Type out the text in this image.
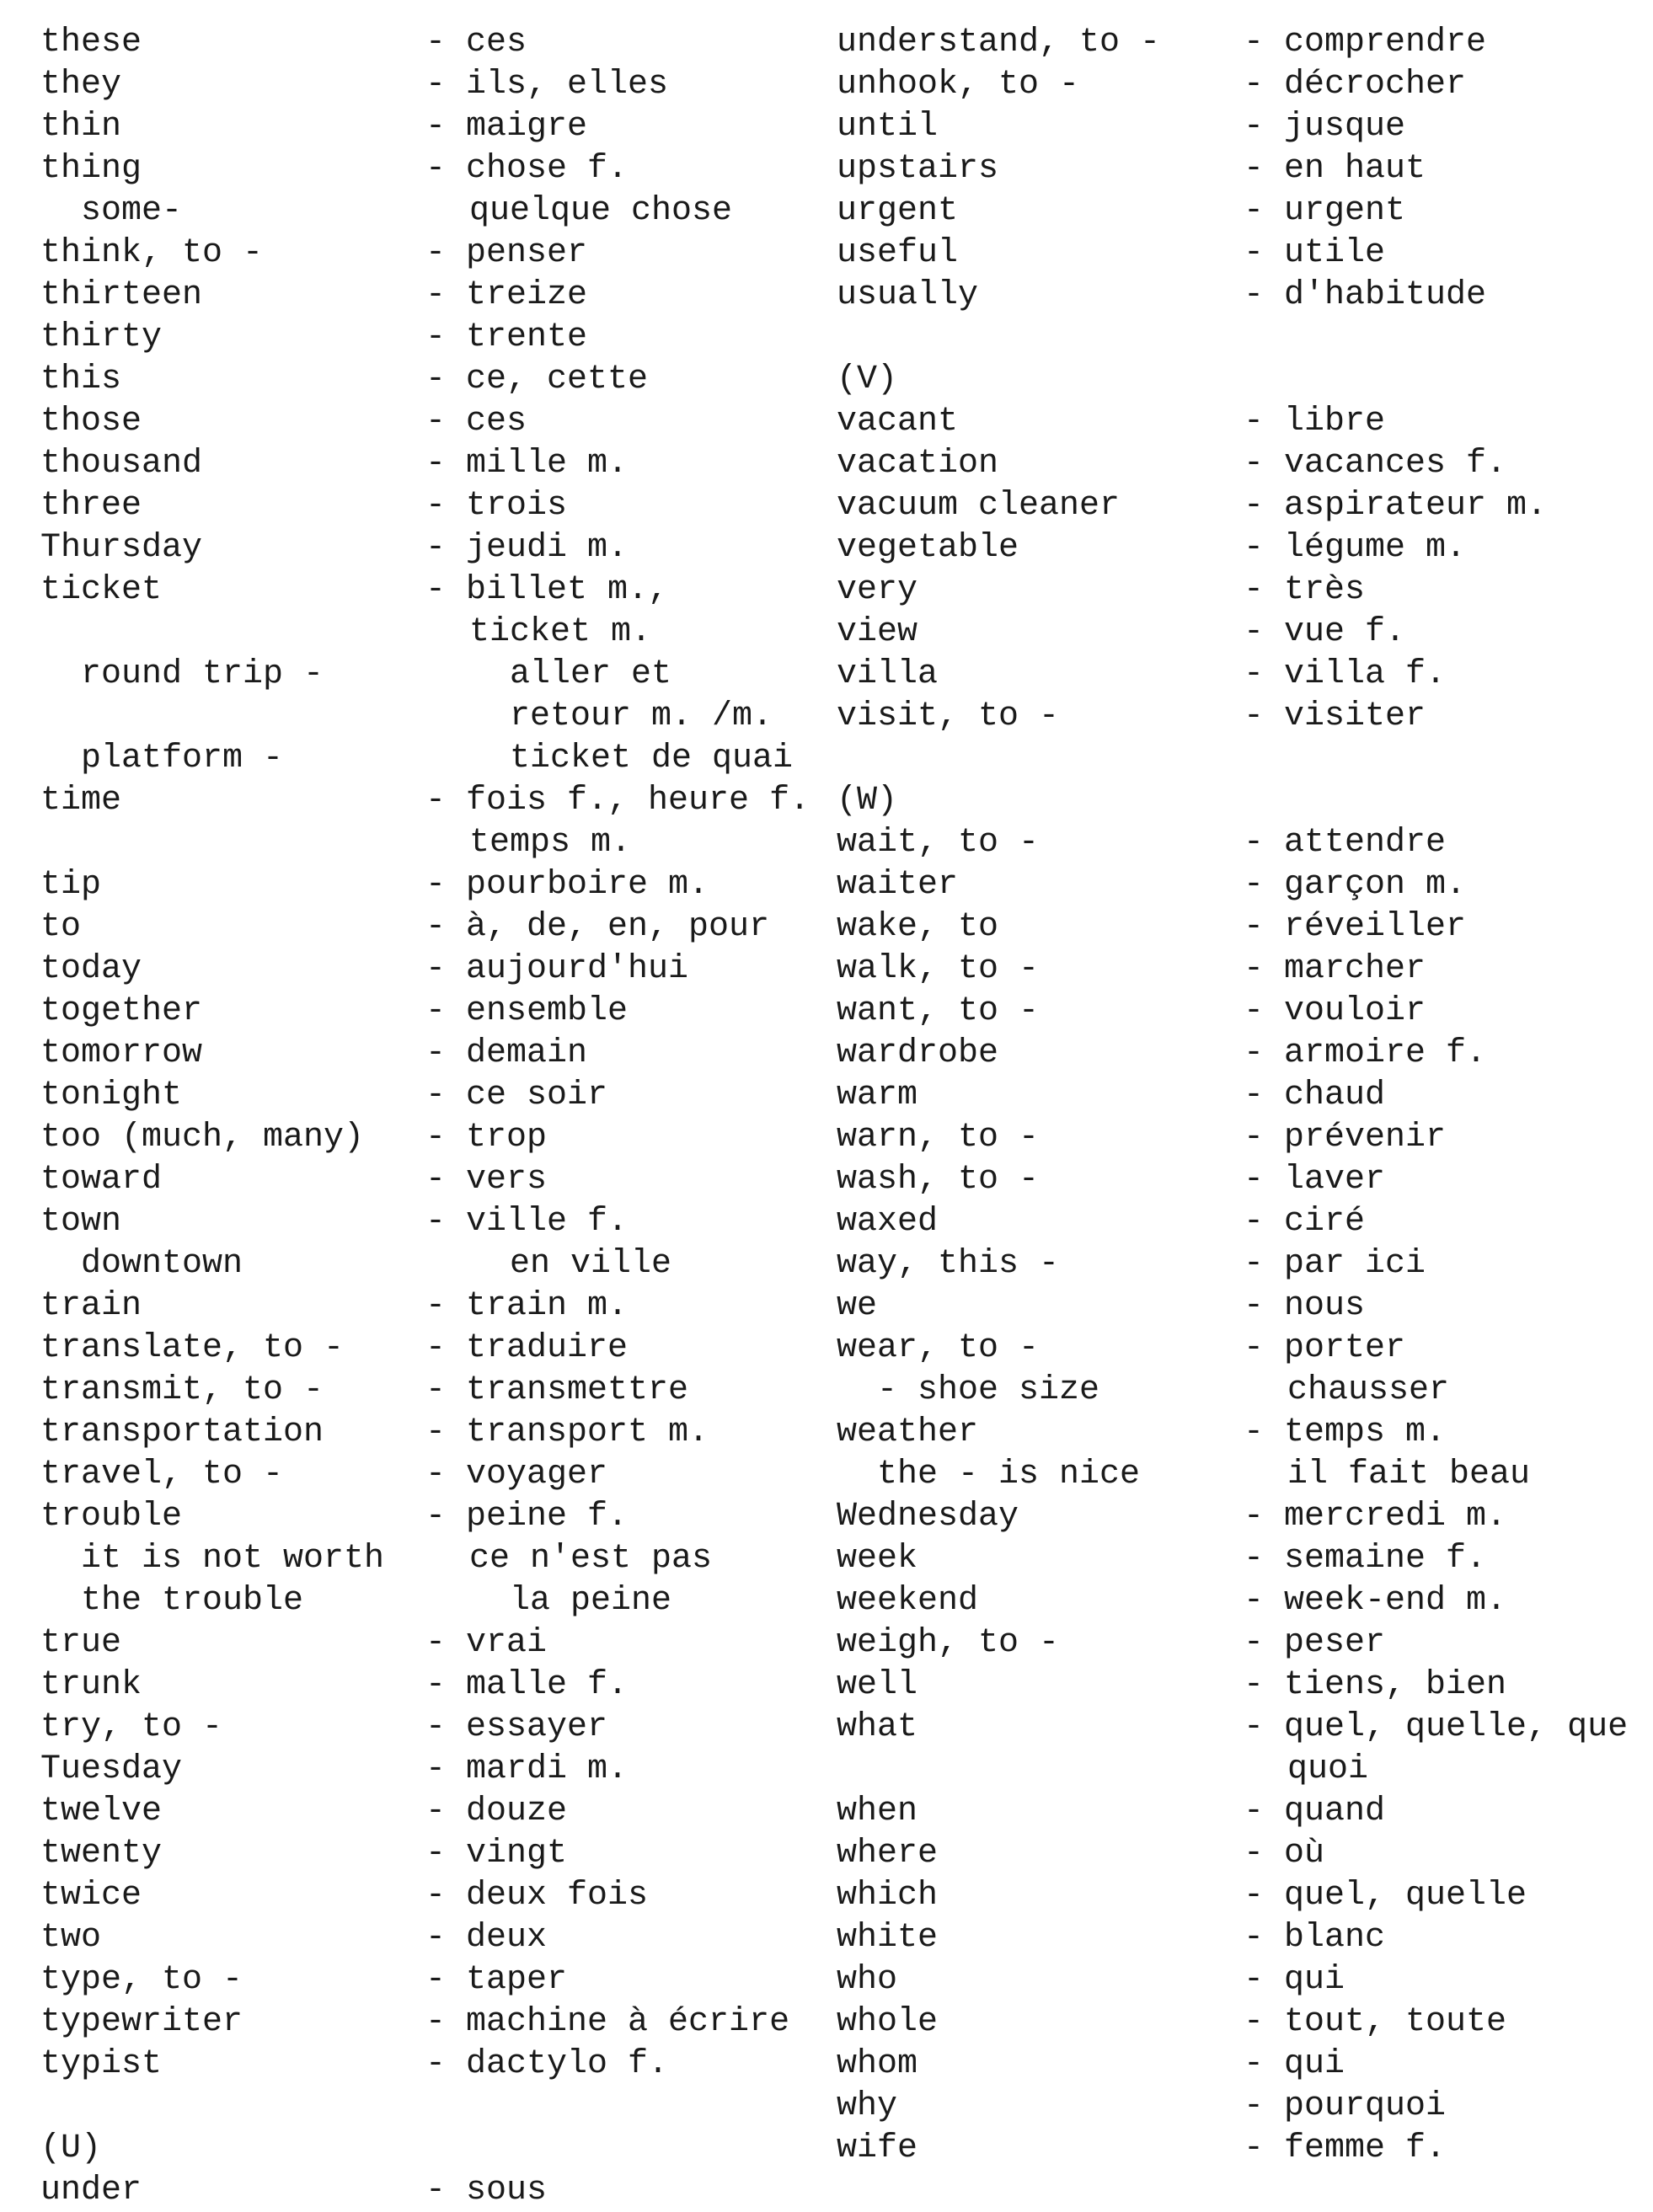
these
they
thin
thing
some-
think, to -
thirteen
thirty
this
those
thousand
three
Thursday
ticket
round trip -
platform -
time
tip
to
today
together
tomorrow
tonight
too (much, many)
toward
town
downtown
train
translate, to -
transmit, to -
transportation
travel, to -
trouble
it is not worth
the trouble
true
trunk
try, to -
Tuesday
twelve
twenty
twice
two
type, to -
typewriter
typist
(U)
under
- ces
- ils, elles
- maigre
- chose f.
quelque chose
- penser
- treize
- trente
- ce, cette
- ces
- mille m.
- trois
- jeudi m.
- billet m.,
ticket m.
aller et
retour m. /m.
ticket de quai
- fois f., heure f.
temps m.
- pourboire m.
- à, de, en, pour
- aujourd'hui
- ensemble
- demain
- ce soir
- trop
- vers
- ville f.
en ville
- train m.
- traduire
- transmettre
- transport m.
- voyager
- peine f.
ce n'est pas
la peine
- vrai
- malle f.
- essayer
- mardi m.
- douze
- vingt
- deux fois
- deux
- taper
- machine à écrire
- dactylo f.
- sous
understand, to -
unhook, to -
until
upstairs
urgent
useful
usually
(V)
vacant
vacation
vacuum cleaner
vegetable
very
view
villa
visit, to -
(W)
wait, to -
waiter
wake, to
walk, to -
want, to -
wardrobe
warm
warn, to -
wash, to -
waxed
way, this -
we
wear, to -
- shoe size
weather
the - is nice
Wednesday
week
weekend
weigh, to -
well
what
when
where
which
white
who
whole
whom
why
wife
- comprendre
- décrocher
- jusque
- en haut
- urgent
- utile
- d'habitude
- libre
- vacances f.
- aspirateur m.
- légume m.
- très
- vue f.
- villa f.
- visiter
- attendre
- garçon m.
- réveiller
- marcher
- vouloir
- armoire f.
- chaud
- prévenir
- laver
- ciré
- par ici
- nous
- porter
chausser
- temps m.
il fait beau
- mercredi m.
- semaine f.
- week-end m.
- peser
- tiens, bien
- quel, quelle, que
quoi
- quand
- où
- quel, quelle
- blanc
- qui
- tout, toute
- qui
- pourquoi
- femme f.
